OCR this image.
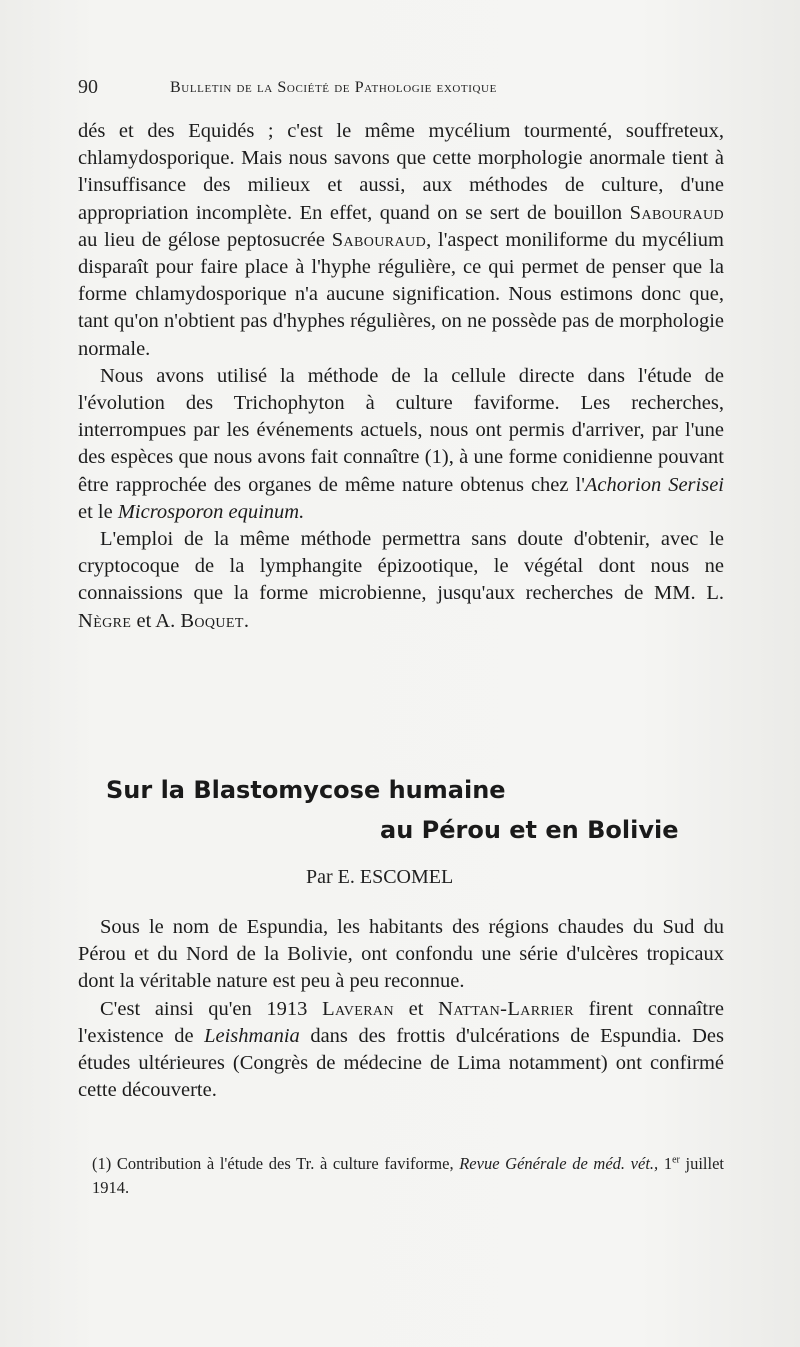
90	Bulletin de la Société de Pathologie exotique

dés et des Equidés ; c'est le même mycélium tourmenté, souffreteux, chlamydosporique. Mais nous savons que cette morphologie anormale tient à l'insuffisance des milieux et aussi, aux méthodes de culture, d'une appropriation incomplète. En effet, quand on se sert de bouillon Sabouraud au lieu de gélose peptosucrée Sabouraud, l'aspect moniliforme du mycélium disparaît pour faire place à l'hyphe régulière, ce qui permet de penser que la forme chlamydosporique n'a aucune signification. Nous estimons donc que, tant qu'on n'obtient pas d'hyphes régulières, on ne possède pas de morphologie normale.

Nous avons utilisé la méthode de la cellule directe dans l'étude de l'évolution des Trichophyton à culture faviforme. Les recherches, interrompues par les événements actuels, nous ont permis d'arriver, par l'une des espèces que nous avons fait connaître (1), à une forme conidienne pouvant être rapprochée des organes de même nature obtenus chez l'Achorion Serisei et le Microsporon equinum.

L'emploi de la même méthode permettra sans doute d'obtenir, avec le cryptocoque de la lymphangite épizootique, le végétal dont nous ne connaissions que la forme microbienne, jusqu'aux recherches de MM. L. Nègre et A. Boquet.

Sur la Blastomycose humaine
au Pérou et en Bolivie
Par E. ESCOMEL

Sous le nom de Espundia, les habitants des régions chaudes du Sud du Pérou et du Nord de la Bolivie, ont confondu une série d'ulcères tropicaux dont la véritable nature est peu à peu reconnue.

C'est ainsi qu'en 1913 Laveran et Nattan-Larrier firent connaître l'existence de Leishmania dans des frottis d'ulcérations de Espundia. Des études ultérieures (Congrès de médecine de Lima notamment) ont confirmé cette découverte.

(1) Contribution à l'étude des Tr. à culture faviforme, Revue Générale de méd. vét., 1er juillet 1914.
